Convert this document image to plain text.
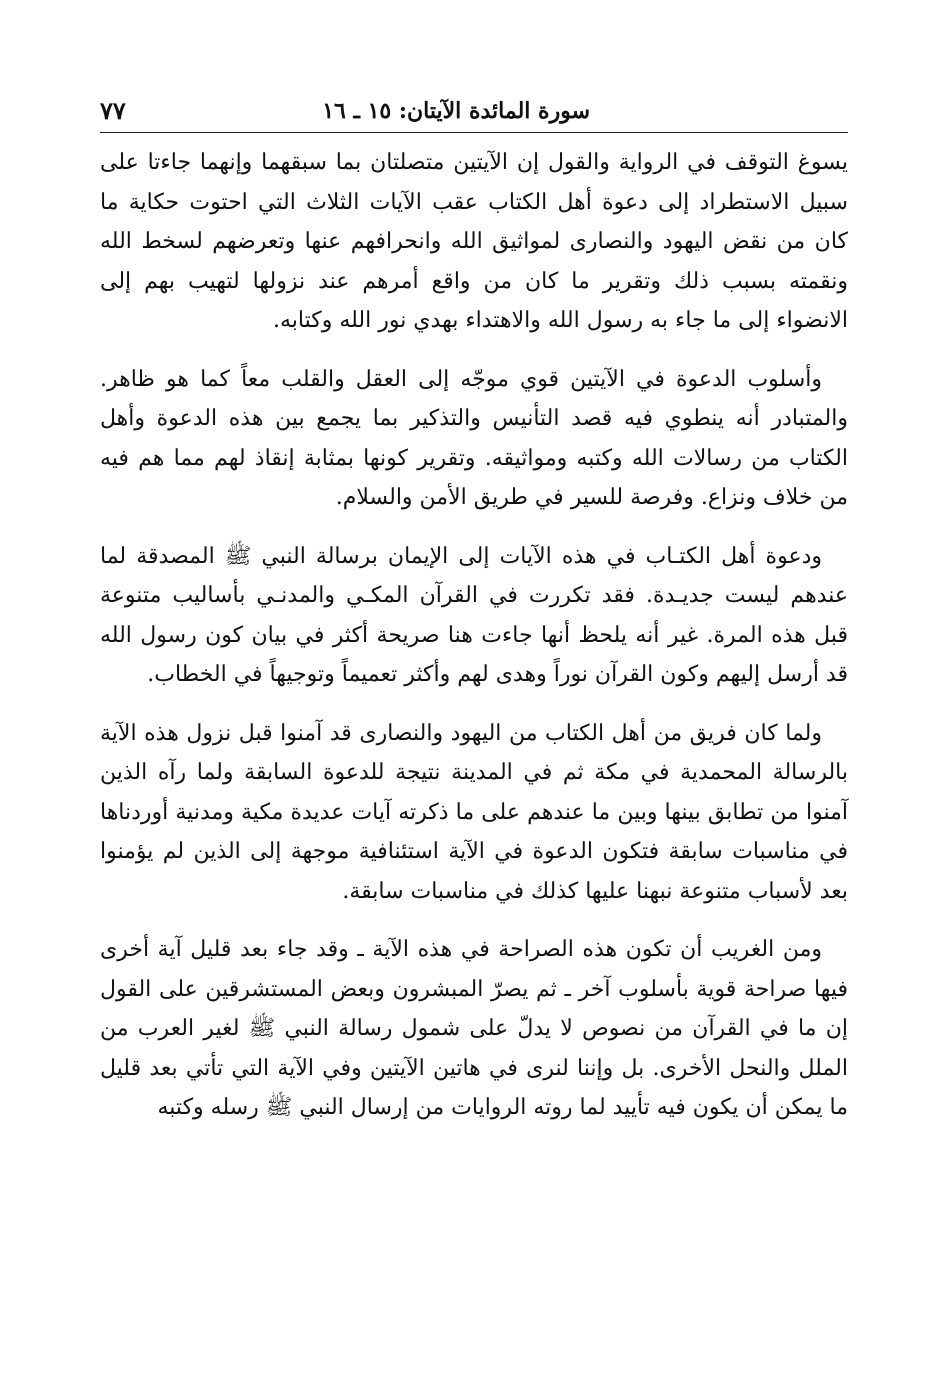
سورة المائدة الآيتان: ١٥ ـ ١٦
٧٧

يسوغ التوقف في الرواية والقول إن الآيتين متصلتان بما سبقهما وإنهما جاءتا على سبيل الاستطراد إلى دعوة أهل الكتاب عقب الآيات الثلاث التي احتوت حكاية ما كان من نقض اليهود والنصارى لمواثيق الله وانحرافهم عنها وتعرضهم لسخط الله ونقمته بسبب ذلك وتقرير ما كان من واقع أمرهم عند نزولها لتهيب بهم إلى الانضواء إلى ما جاء به رسول الله والاهتداء بهدي نور الله وكتابه.

وأسلوب الدعوة في الآيتين قوي موجّه إلى العقل والقلب معاً كما هو ظاهر. والمتبادر أنه ينطوي فيه قصد التأنيس والتذكير بما يجمع بين هذه الدعوة وأهل الكتاب من رسالات الله وكتبه ومواثيقه. وتقرير كونها بمثابة إنقاذ لهم مما هم فيه من خلاف ونزاع. وفرصة للسير في طريق الأمن والسلام.

ودعوة أهل الكتـاب في هذه الآيات إلى الإيمان برسالة النبي ﷺ المصدقة لما عندهم ليست جديـدة. فقد تكررت في القرآن المكـي والمدنـي بأساليب متنوعة قبل هذه المرة. غير أنه يلحظ أنها جاءت هنا صريحة أكثر في بيان كون رسول الله قد أرسل إليهم وكون القرآن نوراً وهدى لهم وأكثر تعميماً وتوجيهاً في الخطاب.

ولما كان فريق من أهل الكتاب من اليهود والنصارى قد آمنوا قبل نزول هذه الآية بالرسالة المحمدية في مكة ثم في المدينة نتيجة للدعوة السابقة ولما رآه الذين آمنوا من تطابق بينها وبين ما عندهم على ما ذكرته آيات عديدة مكية ومدنية أوردناها في مناسبات سابقة فتكون الدعوة في الآية استئنافية موجهة إلى الذين لم يؤمنوا بعد لأسباب متنوعة نبهنا عليها كذلك في مناسبات سابقة.

ومن الغريب أن تكون هذه الصراحة في هذه الآية ـ وقد جاء بعد قليل آية أخرى فيها صراحة قوية بأسلوب آخر ـ ثم يصرّ المبشرون وبعض المستشرقين على القول إن ما في القرآن من نصوص لا يدلّ على شمول رسالة النبي ﷺ لغير العرب من الملل والنحل الأخرى. بل وإننا لنرى في هاتين الآيتين وفي الآية التي تأتي بعد قليل ما يمكن أن يكون فيه تأييد لما روته الروايات من إرسال النبي ﷺ رسله وكتبه
